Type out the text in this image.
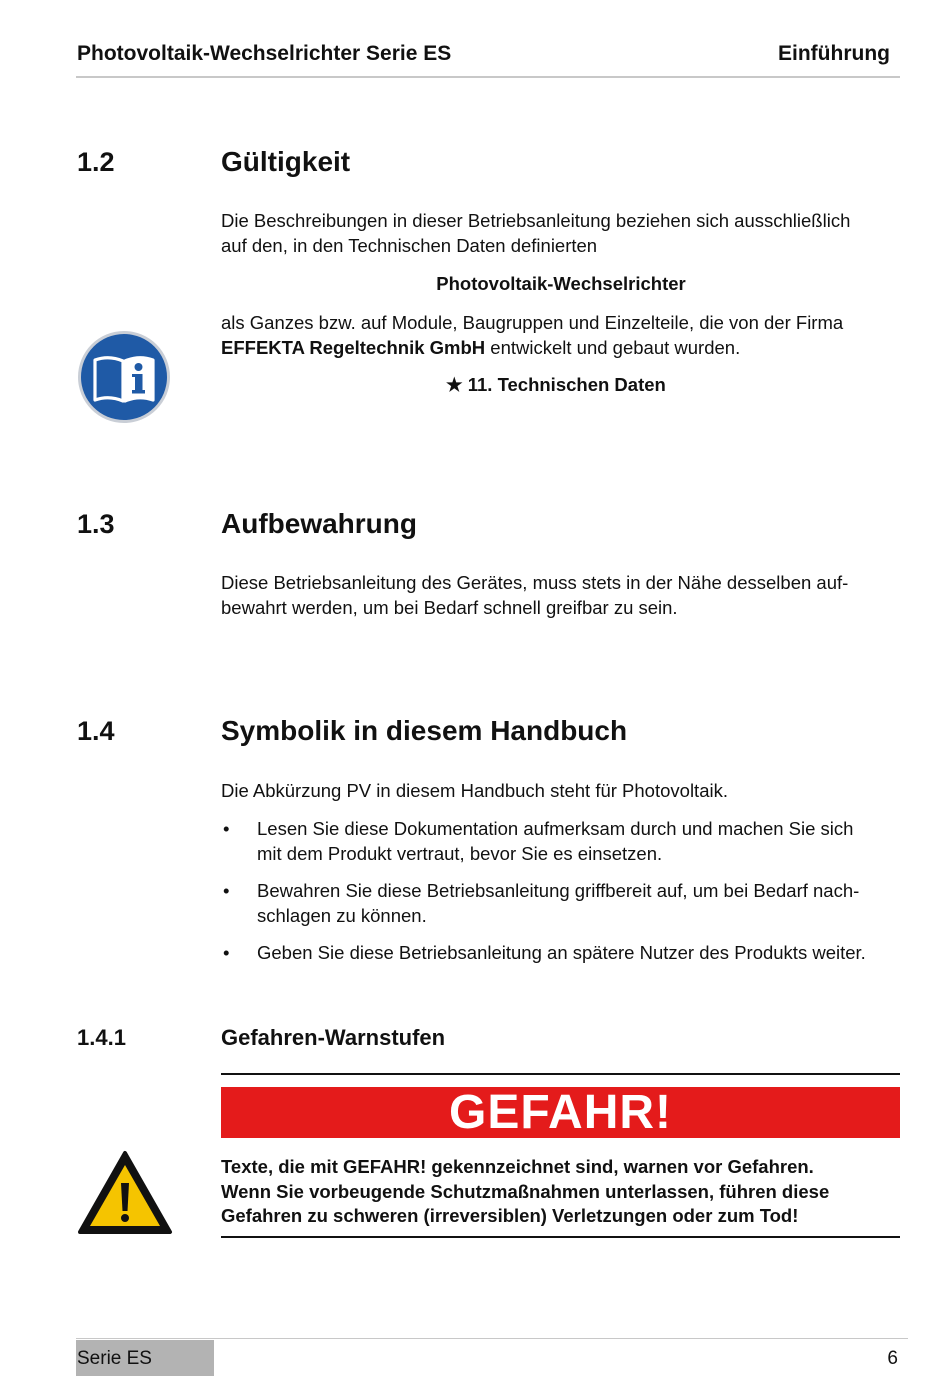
Photovoltaik-Wechselrichter Serie ES	Einführung
1.2	Gültigkeit
Die Beschreibungen in dieser Betriebsanleitung beziehen sich ausschließlich
auf den, in den Technischen Daten definierten
Photovoltaik-Wechselrichter
als Ganzes bzw. auf Module, Baugruppen und Einzelteile, die von der Firma
EFFEKTA Regeltechnik GmbH entwickelt und gebaut wurden.
★ 11. Technischen Daten
1.3	Aufbewahrung
Diese Betriebsanleitung des Gerätes, muss stets in der Nähe desselben auf-
bewahrt werden, um bei Bedarf schnell greifbar zu sein.
1.4	Symbolik in diesem Handbuch
Die Abkürzung PV in diesem Handbuch steht für Photovoltaik.
• Lesen Sie diese Dokumentation aufmerksam durch und machen Sie sich
mit dem Produkt vertraut, bevor Sie es einsetzen.
• Bewahren Sie diese Betriebsanleitung griffbereit auf, um bei Bedarf nach-
schlagen zu können.
• Geben Sie diese Betriebsanleitung an spätere Nutzer des Produkts weiter.
1.4.1	Gefahren-Warnstufen
GEFAHR!
Texte, die mit GEFAHR! gekennzeichnet sind, warnen vor Gefahren.
Wenn Sie vorbeugende Schutzmaßnahmen unterlassen, führen diese
Gefahren zu schweren (irreversiblen) Verletzungen oder zum Tod!
Serie ES	6
